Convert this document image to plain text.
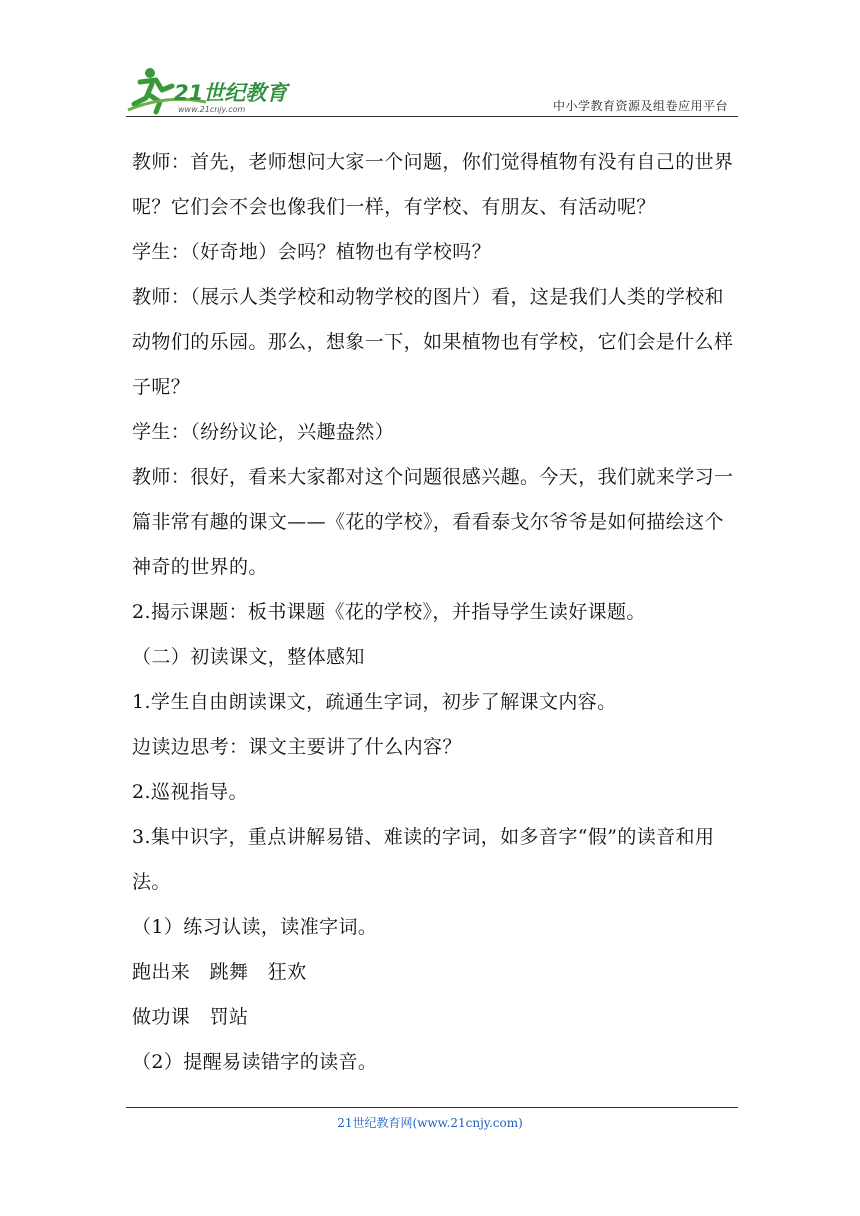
21世纪教育
www.21cnjy.com	中小学教育资源及组卷应用平台

教师：首先，老师想问大家一个问题，你们觉得植物有没有自己的世界呢？它们会不会也像我们一样，有学校、有朋友、有活动呢？

学生：（好奇地）会吗？植物也有学校吗？

教师：（展示人类学校和动物学校的图片）看，这是我们人类的学校和动物们的乐园。那么，想象一下，如果植物也有学校，它们会是什么样子呢？

学生：（纷纷议论，兴趣盎然）

教师：很好，看来大家都对这个问题很感兴趣。今天，我们就来学习一篇非常有趣的课文——《花的学校》，看看泰戈尔爷爷是如何描绘这个神奇的世界的。

2.揭示课题：板书课题《花的学校》，并指导学生读好课题。

（二）初读课文，整体感知

1.学生自由朗读课文，疏通生字词，初步了解课文内容。

边读边思考：课文主要讲了什么内容？

2.巡视指导。

3.集中识字，重点讲解易错、难读的字词，如多音字“假”的读音和用法。

（1）练习认读，读准字词。

跑出来　跳舞　狂欢

做功课　罚站

（2）提醒易读错字的读音。

21世纪教育网(www.21cnjy.com)
